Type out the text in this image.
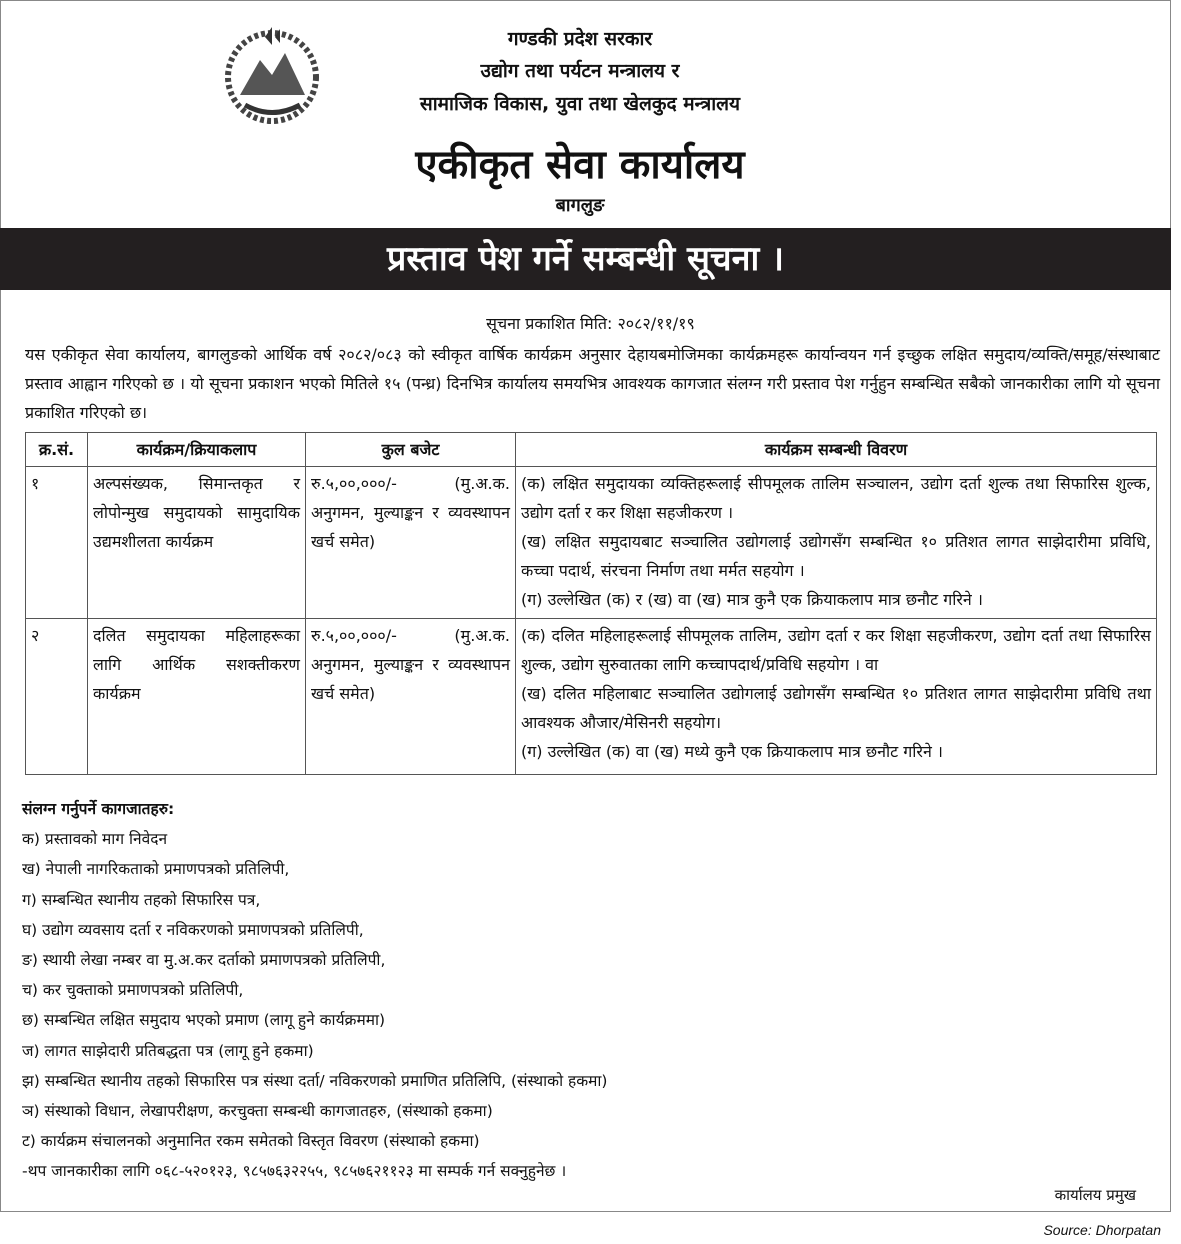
गण्डकी प्रदेश सरकार
उद्योग तथा पर्यटन मन्त्रालय र
सामाजिक विकास, युवा तथा खेलकुद मन्त्रालय
एकीकृत सेवा कार्यालय
बागलुङ
प्रस्ताव पेश गर्ने सम्बन्धी सूचना ।
सूचना प्रकाशित मिति: २०८२/११/१९
यस एकीकृत सेवा कार्यालय, बागलुङको आर्थिक वर्ष २०८२/०८३ को स्वीकृत वार्षिक कार्यक्रम अनुसार देहायबमोजिमका कार्यक्रमहरू कार्यान्वयन गर्न इच्छुक लक्षित समुदाय/व्यक्ति/समूह/संस्थाबाट प्रस्ताव आह्वान गरिएको छ । यो सूचना प्रकाशन भएको मितिले १५ (पन्ध्र) दिनभित्र कार्यालय समयभित्र आवश्यक कागजात संलग्न गरी प्रस्ताव पेश गर्नुहुन सम्बन्धित सबैको जानकारीका लागि यो सूचना प्रकाशित गरिएको छ।
क्र.सं.	कार्यक्रम/क्रियाकलाप	कुल बजेट	कार्यक्रम सम्बन्धी विवरण
१	अल्पसंख्यक, सिमान्तकृत र लोपोन्मुख समुदायको सामुदायिक उद्यमशीलता कार्यक्रम	रु.५,००,०००/- (मु.अ.क. अनुगमन, मुल्याङ्कन र व्यवस्थापन खर्च समेत)	(क) लक्षित समुदायका व्यक्तिहरूलाई सीपमूलक तालिम सञ्चालन, उद्योग दर्ता शुल्क तथा सिफारिस शुल्क, उद्योग दर्ता र कर शिक्षा सहजीकरण ।
(ख) लक्षित समुदायबाट सञ्चालित उद्योगलाई उद्योगसँग सम्बन्धित १० प्रतिशत लागत साझेदारीमा प्रविधि, कच्चा पदार्थ, संरचना निर्माण तथा मर्मत सहयोग ।
(ग) उल्लेखित (क) र (ख) वा (ख) मात्र कुनै एक क्रियाकलाप मात्र छनौट गरिने ।

२	दलित समुदायका महिलाहरूका लागि आर्थिक सशक्तीकरण कार्यक्रम	रु.५,००,०००/- (मु.अ.क. अनुगमन, मुल्याङ्कन र व्यवस्थापन खर्च समेत)	(क) दलित महिलाहरूलाई सीपमूलक तालिम, उद्योग दर्ता र कर शिक्षा सहजीकरण, उद्योग दर्ता तथा सिफारिस शुल्क, उद्योग सुरुवातका लागि कच्चापदार्थ/प्रविधि सहयोग । वा
(ख) दलित महिलाबाट सञ्चालित उद्योगलाई उद्योगसँग सम्बन्धित १० प्रतिशत लागत साझेदारीमा प्रविधि तथा आवश्यक औजार/मेसिनरी सहयोग।
(ग) उल्लेखित (क) वा (ख) मध्ये कुनै एक क्रियाकलाप मात्र छनौट गरिने ।
संलग्न गर्नुपर्ने कागजातहरु:
क) प्रस्तावको माग निवेदन
ख) नेपाली नागरिकताको प्रमाणपत्रको प्रतिलिपी,
ग) सम्बन्धित स्थानीय तहको सिफारिस पत्र,
घ) उद्योग व्यवसाय दर्ता र नविकरणको प्रमाणपत्रको प्रतिलिपी,
ङ) स्थायी लेखा नम्बर वा मु.अ.कर दर्ताको प्रमाणपत्रको प्रतिलिपी,
च) कर चुक्ताको प्रमाणपत्रको प्रतिलिपी,
छ) सम्बन्धित लक्षित समुदाय भएको प्रमाण (लागू हुने कार्यक्रममा)
ज) लागत साझेदारी प्रतिबद्धता पत्र (लागू हुने हकमा)
झ) सम्बन्धित स्थानीय तहको सिफारिस पत्र संस्था दर्ता/ नविकरणको प्रमाणित प्रतिलिपि, (संस्थाको हकमा)
ञ) संस्थाको विधान, लेखापरीक्षण, करचुक्ता सम्बन्धी कागजातहरु, (संस्थाको हकमा)
ट) कार्यक्रम संचालनको अनुमानित रकम समेतको विस्तृत विवरण (संस्थाको हकमा)
-थप जानकारीका लागि ०६८-५२०१२३, ९८५७६३२२५५, ९८५७६२११२३ मा सम्पर्क गर्न सक्नुहुनेछ ।
कार्यालय प्रमुख
Source: Dhorpatan
